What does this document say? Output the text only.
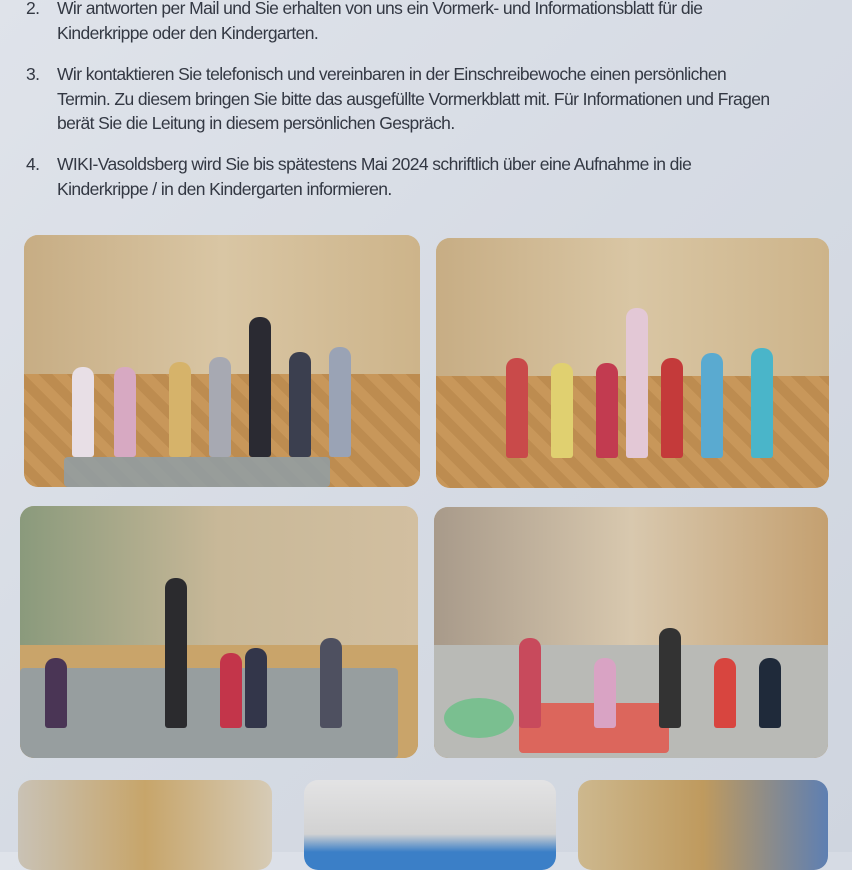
2.	Wir antworten per Mail und Sie erhalten von uns ein Vormerk- und Informationsblatt für die
Kinderkrippe oder den Kindergarten.
3.	Wir kontaktieren Sie telefonisch und vereinbaren in der Einschreibewoche einen persönlichen
Termin. Zu diesem bringen Sie bitte das ausgefüllte Vormerkblatt mit. Für Informationen und Fragen
berät Sie die Leitung in diesem persönlichen Gespräch.
4.	WIKI-Vasoldsberg wird Sie bis spätestens Mai 2024 schriftlich über eine Aufnahme in die
Kinderkrippe / in den Kindergarten informieren.
